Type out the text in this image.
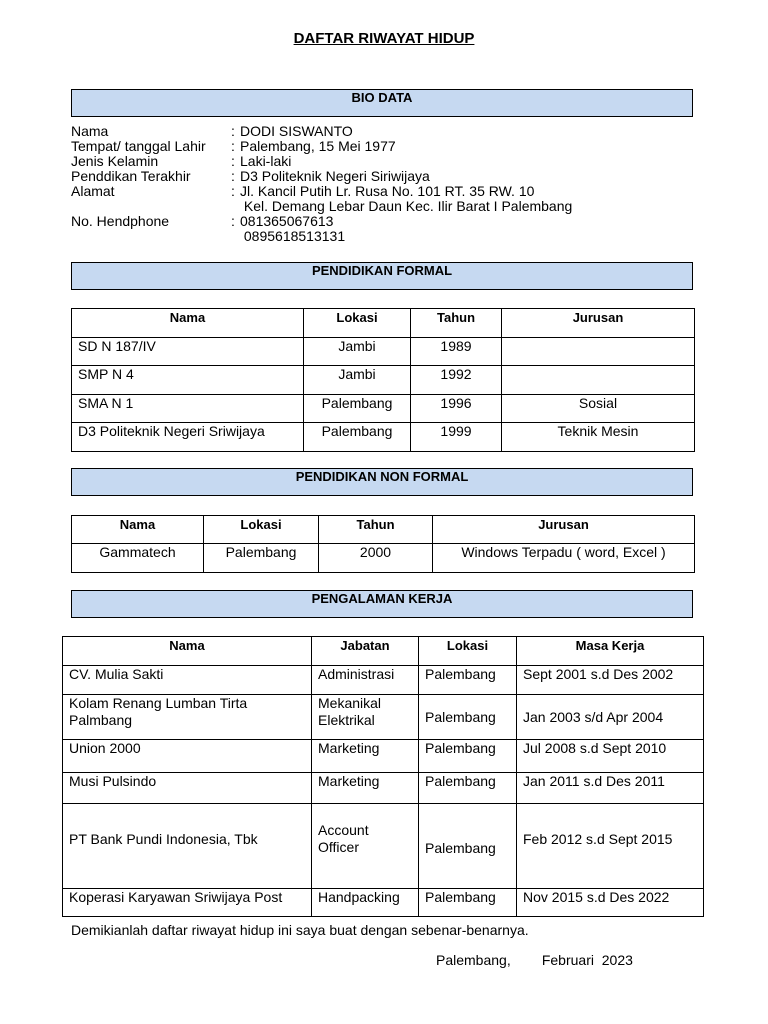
DAFTAR RIWAYAT HIDUP
BIO DATA
Nama	: DODI SISWANTO
Tempat/ tanggal Lahir	: Palembang, 15 Mei 1977
Jenis Kelamin	: Laki-laki
Penddikan Terakhir	: D3 Politeknik Negeri Siriwijaya
Alamat	: Jl. Kancil Putih Lr. Rusa No. 101 RT. 35 RW. 10
Kel. Demang Lebar Daun Kec. Ilir Barat I Palembang
No. Hendphone	: 081365067613
0895618513131
PENDIDIKAN FORMAL
Nama	Lokasi	Tahun	Jurusan
SD N 187/IV	Jambi	1989	
SMP N 4	Jambi	1992	
SMA N 1	Palembang	1996	Sosial
D3 Politeknik Negeri Sriwijaya	Palembang	1999	Teknik Mesin
PENDIDIKAN NON FORMAL
Nama	Lokasi	Tahun	Jurusan
Gammatech	Palembang	2000	Windows Terpadu ( word, Excel )
PENGALAMAN KERJA
Nama	Jabatan	Lokasi	Masa Kerja
CV. Mulia Sakti	Administrasi	Palembang	Sept 2001 s.d Des 2002
Kolam Renang Lumban Tirta Palmbang	Mekanikal Elektrikal	Palembang	Jan 2003 s/d Apr 2004
Union 2000	Marketing	Palembang	Jul 2008 s.d Sept 2010
Musi Pulsindo	Marketing	Palembang	Jan 2011 s.d Des 2011
PT Bank Pundi Indonesia, Tbk	Account Officer	Palembang	Feb 2012 s.d Sept 2015
Koperasi Karyawan Sriwijaya Post	Handpacking	Palembang	Nov 2015 s.d Des 2022
Demikianlah daftar riwayat hidup ini saya buat dengan sebenar-benarnya.
Palembang,        Februari  2023
